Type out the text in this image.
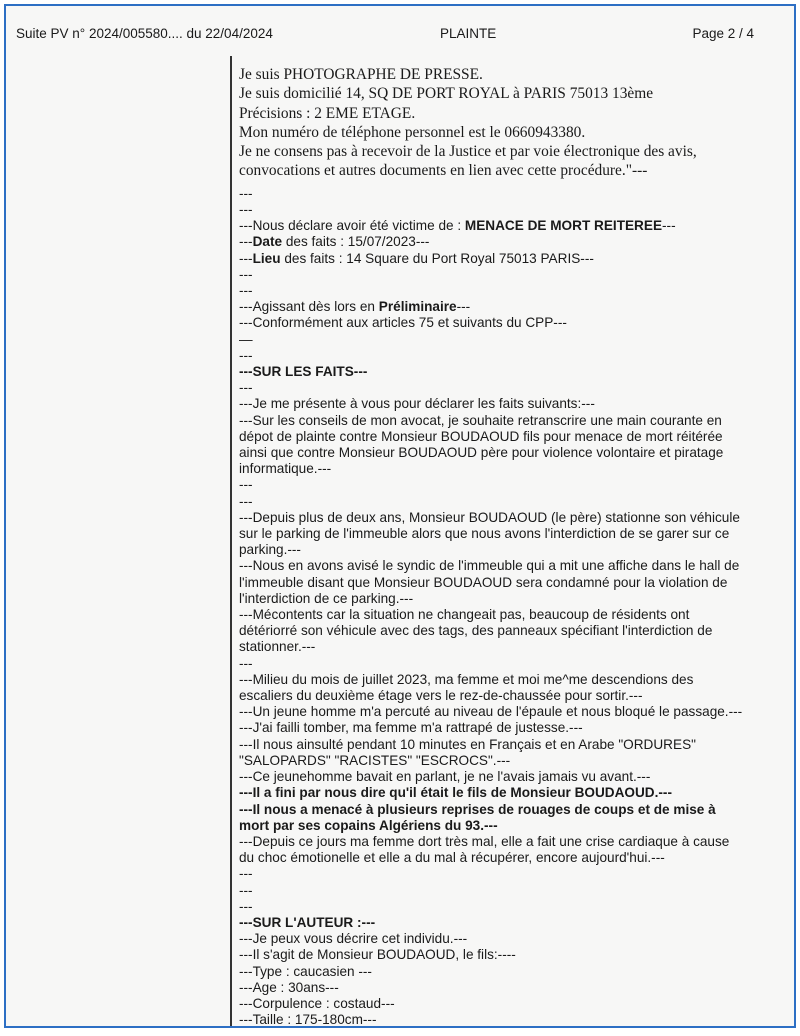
Suite PV n° 2024/005580.... du 22/04/2024	PLAINTE	Page 2 / 4
Je suis PHOTOGRAPHE DE PRESSE.
Je suis domicilié 14, SQ DE PORT ROYAL à PARIS 75013 13ème
Précisions : 2 EME ETAGE.
Mon numéro de téléphone personnel est le 0660943380.
Je ne consens pas à recevoir de la Justice et par voie électronique des avis,
convocations et autres documents en lien avec cette procédure."---
---
---
---Nous déclare avoir été victime de : MENACE DE MORT REITEREE---
---Date des faits : 15/07/2023---
---Lieu des faits : 14 Square du Port Royal 75013 PARIS---
---
---
---Agissant dès lors en Préliminaire---
---Conformément aux articles 75 et suivants du CPP---
—
---
---SUR LES FAITS---
---
---Je me présente à vous pour déclarer les faits suivants:---
---Sur les conseils de mon avocat, je souhaite retranscrire une main courante en
dépot de plainte contre Monsieur BOUDAOUD fils pour menace de mort réitérée
ainsi que contre Monsieur BOUDAOUD père pour violence volontaire et piratage
informatique.---
---
---
---Depuis plus de deux ans, Monsieur BOUDAOUD (le père) stationne son véhicule
sur le parking de l'immeuble alors que nous avons l'interdiction de se garer sur ce
parking.---
---Nous en avons avisé le syndic de l'immeuble qui a mit une affiche dans le hall de
l'immeuble disant que Monsieur BOUDAOUD sera condamné pour la violation de
l'interdiction de ce parking.---
---Mécontents car la situation ne changeait pas, beaucoup de résidents ont
détériorré son véhicule avec des tags, des panneaux spécifiant l'interdiction de
stationner.---
---
---Milieu du mois de juillet 2023, ma femme et moi me^me descendions des
escaliers du deuxième étage vers le rez-de-chaussée pour sortir.---
---Un jeune homme m'a percuté au niveau de l'épaule et nous bloqué le passage.---
---J'ai failli tomber, ma femme m'a rattrapé de justesse.---
---Il nous ainsulté pendant 10 minutes en Français et en Arabe "ORDURES"
"SALOPARDS" "RACISTES" "ESCROCS".---
---Ce jeunehomme bavait en parlant, je ne l'avais jamais vu avant.---
---Il a fini par nous dire qu'il était le fils de Monsieur BOUDAOUD.---
---Il nous a menacé à plusieurs reprises de rouages de coups et de mise à
mort par ses copains Algériens du 93.---
---Depuis ce jours ma femme dort très mal, elle a fait une crise cardiaque à cause
du choc émotionelle et elle a du mal à récupérer, encore aujourd'hui.---
---
---
---
---SUR L'AUTEUR :---
---Je peux vous décrire cet individu.---
---Il s'agit de Monsieur BOUDAOUD, le fils:----
---Type : caucasien ---
---Age : 30ans---
---Corpulence : costaud---
---Taille : 175-180cm---
